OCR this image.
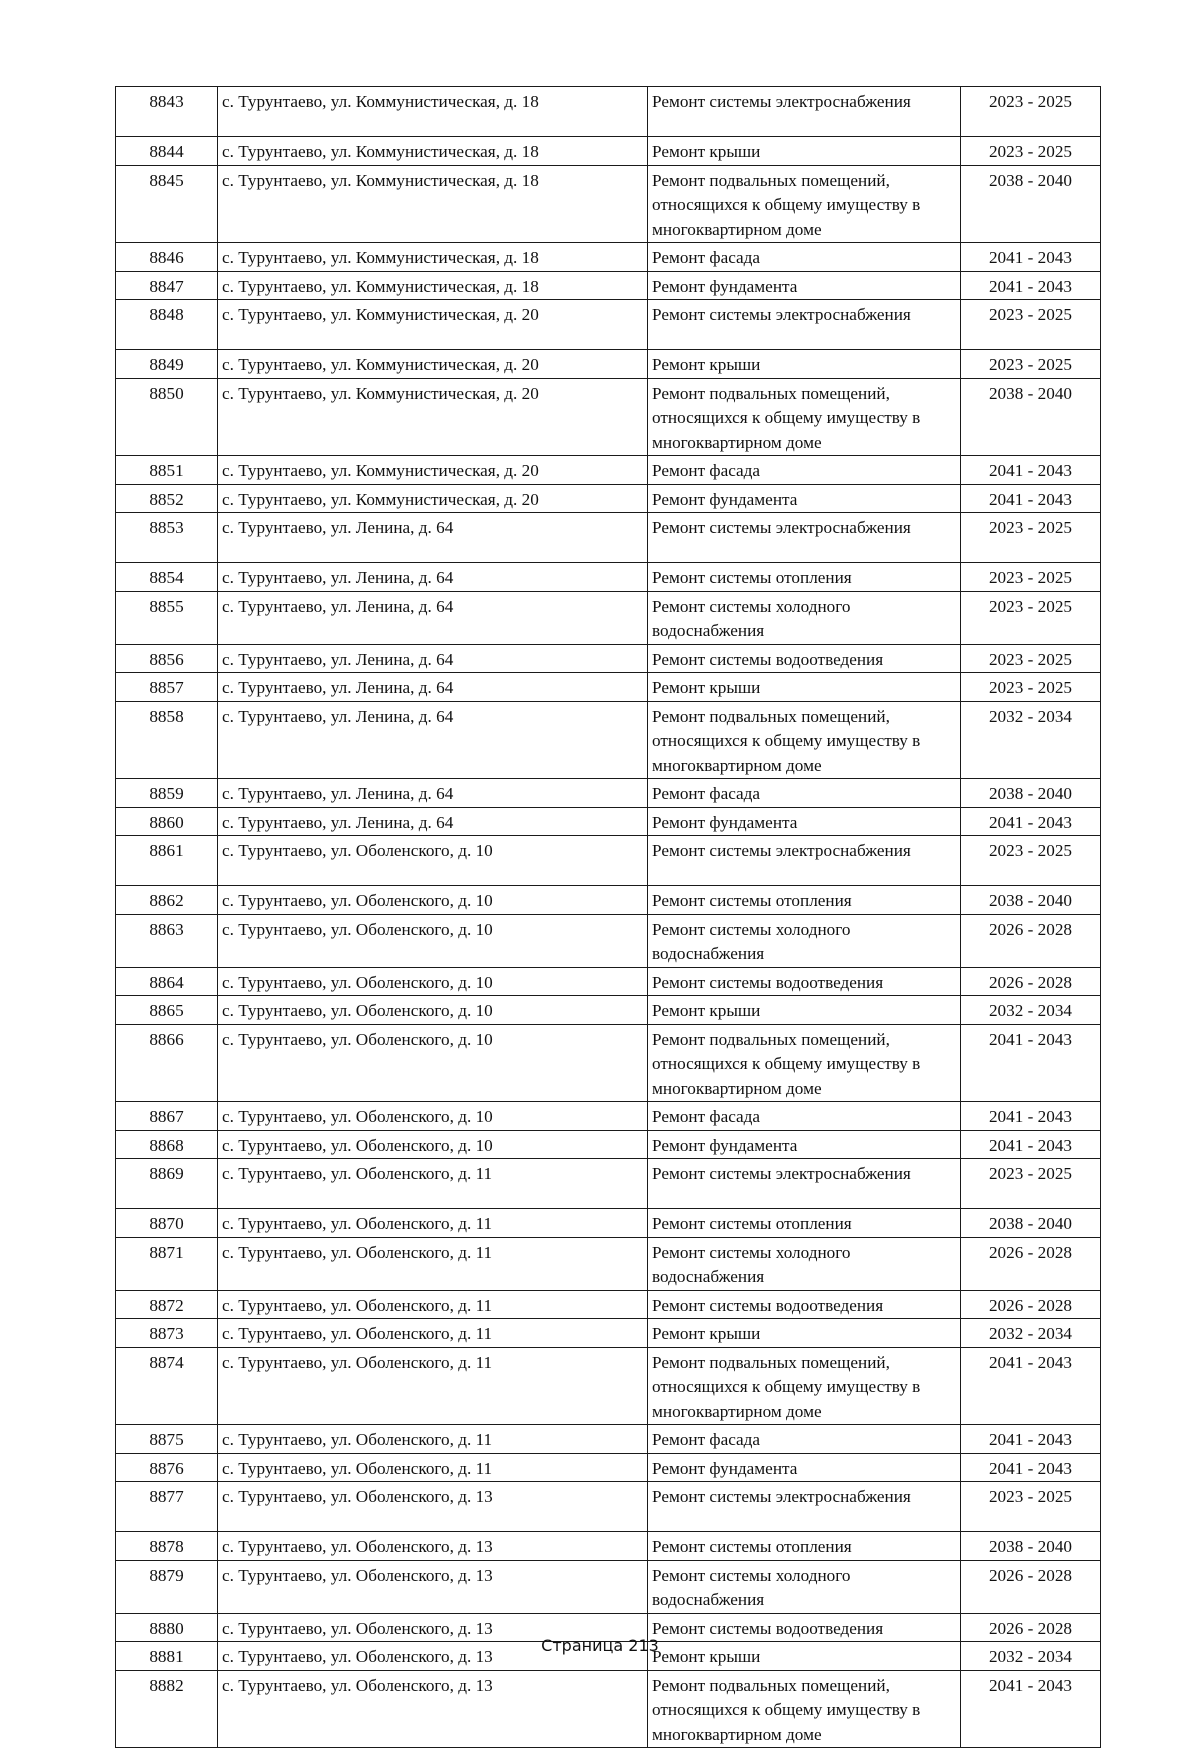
8843	с. Турунтаево, ул. Коммунистическая, д. 18	Ремонт системы электроснабжения	2023 - 2025
8844	с. Турунтаево, ул. Коммунистическая, д. 18	Ремонт крыши	2023 - 2025
8845	с. Турунтаево, ул. Коммунистическая, д. 18	Ремонт подвальных помещений, относящихся к общему имуществу в многоквартирном доме	2038 - 2040
8846	с. Турунтаево, ул. Коммунистическая, д. 18	Ремонт фасада	2041 - 2043
8847	с. Турунтаево, ул. Коммунистическая, д. 18	Ремонт фундамента	2041 - 2043
8848	с. Турунтаево, ул. Коммунистическая, д. 20	Ремонт системы электроснабжения	2023 - 2025
8849	с. Турунтаево, ул. Коммунистическая, д. 20	Ремонт крыши	2023 - 2025
8850	с. Турунтаево, ул. Коммунистическая, д. 20	Ремонт подвальных помещений, относящихся к общему имуществу в многоквартирном доме	2038 - 2040
8851	с. Турунтаево, ул. Коммунистическая, д. 20	Ремонт фасада	2041 - 2043
8852	с. Турунтаево, ул. Коммунистическая, д. 20	Ремонт фундамента	2041 - 2043
8853	с. Турунтаево, ул. Ленина, д. 64	Ремонт системы электроснабжения	2023 - 2025
8854	с. Турунтаево, ул. Ленина, д. 64	Ремонт системы отопления	2023 - 2025
8855	с. Турунтаево, ул. Ленина, д. 64	Ремонт системы холодного водоснабжения	2023 - 2025
8856	с. Турунтаево, ул. Ленина, д. 64	Ремонт системы водоотведения	2023 - 2025
8857	с. Турунтаево, ул. Ленина, д. 64	Ремонт крыши	2023 - 2025
8858	с. Турунтаево, ул. Ленина, д. 64	Ремонт подвальных помещений, относящихся к общему имуществу в многоквартирном доме	2032 - 2034
8859	с. Турунтаево, ул. Ленина, д. 64	Ремонт фасада	2038 - 2040
8860	с. Турунтаево, ул. Ленина, д. 64	Ремонт фундамента	2041 - 2043
8861	с. Турунтаево, ул. Оболенского, д. 10	Ремонт системы электроснабжения	2023 - 2025
8862	с. Турунтаево, ул. Оболенского, д. 10	Ремонт системы отопления	2038 - 2040
8863	с. Турунтаево, ул. Оболенского, д. 10	Ремонт системы холодного водоснабжения	2026 - 2028
8864	с. Турунтаево, ул. Оболенского, д. 10	Ремонт системы водоотведения	2026 - 2028
8865	с. Турунтаево, ул. Оболенского, д. 10	Ремонт крыши	2032 - 2034
8866	с. Турунтаево, ул. Оболенского, д. 10	Ремонт подвальных помещений, относящихся к общему имуществу в многоквартирном доме	2041 - 2043
8867	с. Турунтаево, ул. Оболенского, д. 10	Ремонт фасада	2041 - 2043
8868	с. Турунтаево, ул. Оболенского, д. 10	Ремонт фундамента	2041 - 2043
8869	с. Турунтаево, ул. Оболенского, д. 11	Ремонт системы электроснабжения	2023 - 2025
8870	с. Турунтаево, ул. Оболенского, д. 11	Ремонт системы отопления	2038 - 2040
8871	с. Турунтаево, ул. Оболенского, д. 11	Ремонт системы холодного водоснабжения	2026 - 2028
8872	с. Турунтаево, ул. Оболенского, д. 11	Ремонт системы водоотведения	2026 - 2028
8873	с. Турунтаево, ул. Оболенского, д. 11	Ремонт крыши	2032 - 2034
8874	с. Турунтаево, ул. Оболенского, д. 11	Ремонт подвальных помещений, относящихся к общему имуществу в многоквартирном доме	2041 - 2043
8875	с. Турунтаево, ул. Оболенского, д. 11	Ремонт фасада	2041 - 2043
8876	с. Турунтаево, ул. Оболенского, д. 11	Ремонт фундамента	2041 - 2043
8877	с. Турунтаево, ул. Оболенского, д. 13	Ремонт системы электроснабжения	2023 - 2025
8878	с. Турунтаево, ул. Оболенского, д. 13	Ремонт системы отопления	2038 - 2040
8879	с. Турунтаево, ул. Оболенского, д. 13	Ремонт системы холодного водоснабжения	2026 - 2028
8880	с. Турунтаево, ул. Оболенского, д. 13	Ремонт системы водоотведения	2026 - 2028
8881	с. Турунтаево, ул. Оболенского, д. 13	Ремонт крыши	2032 - 2034
8882	с. Турунтаево, ул. Оболенского, д. 13	Ремонт подвальных помещений, относящихся к общему имуществу в многоквартирном доме	2041 - 2043
Страница 213
